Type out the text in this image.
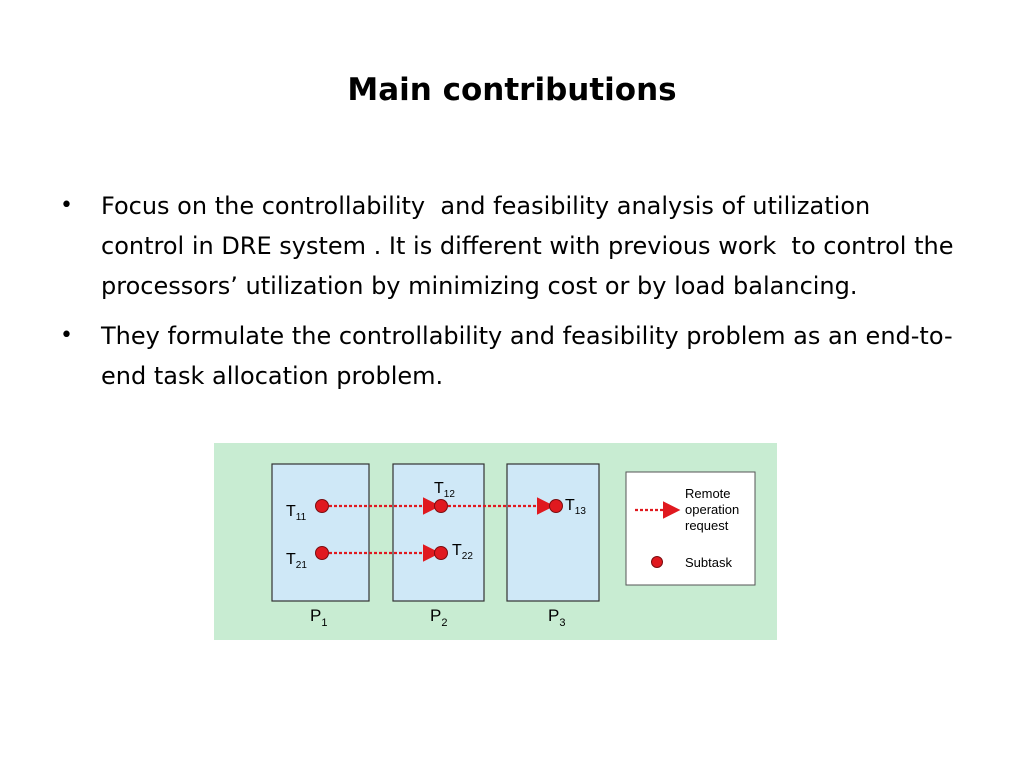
Main contributions
• Focus on the controllability  and feasibility analysis of utilization control in DRE system . It is different with previous work  to control the processors’ utilization by minimizing cost or by load balancing.
• They formulate the controllability and feasibility problem as an end-to-end task allocation problem.
$P_1$	$P_2$	$P_3$
$T_{11}$
$T_{12}$
$T_{13}$
$T_{21}$
$T_{22}$
Remote
operation
request
Subtask
